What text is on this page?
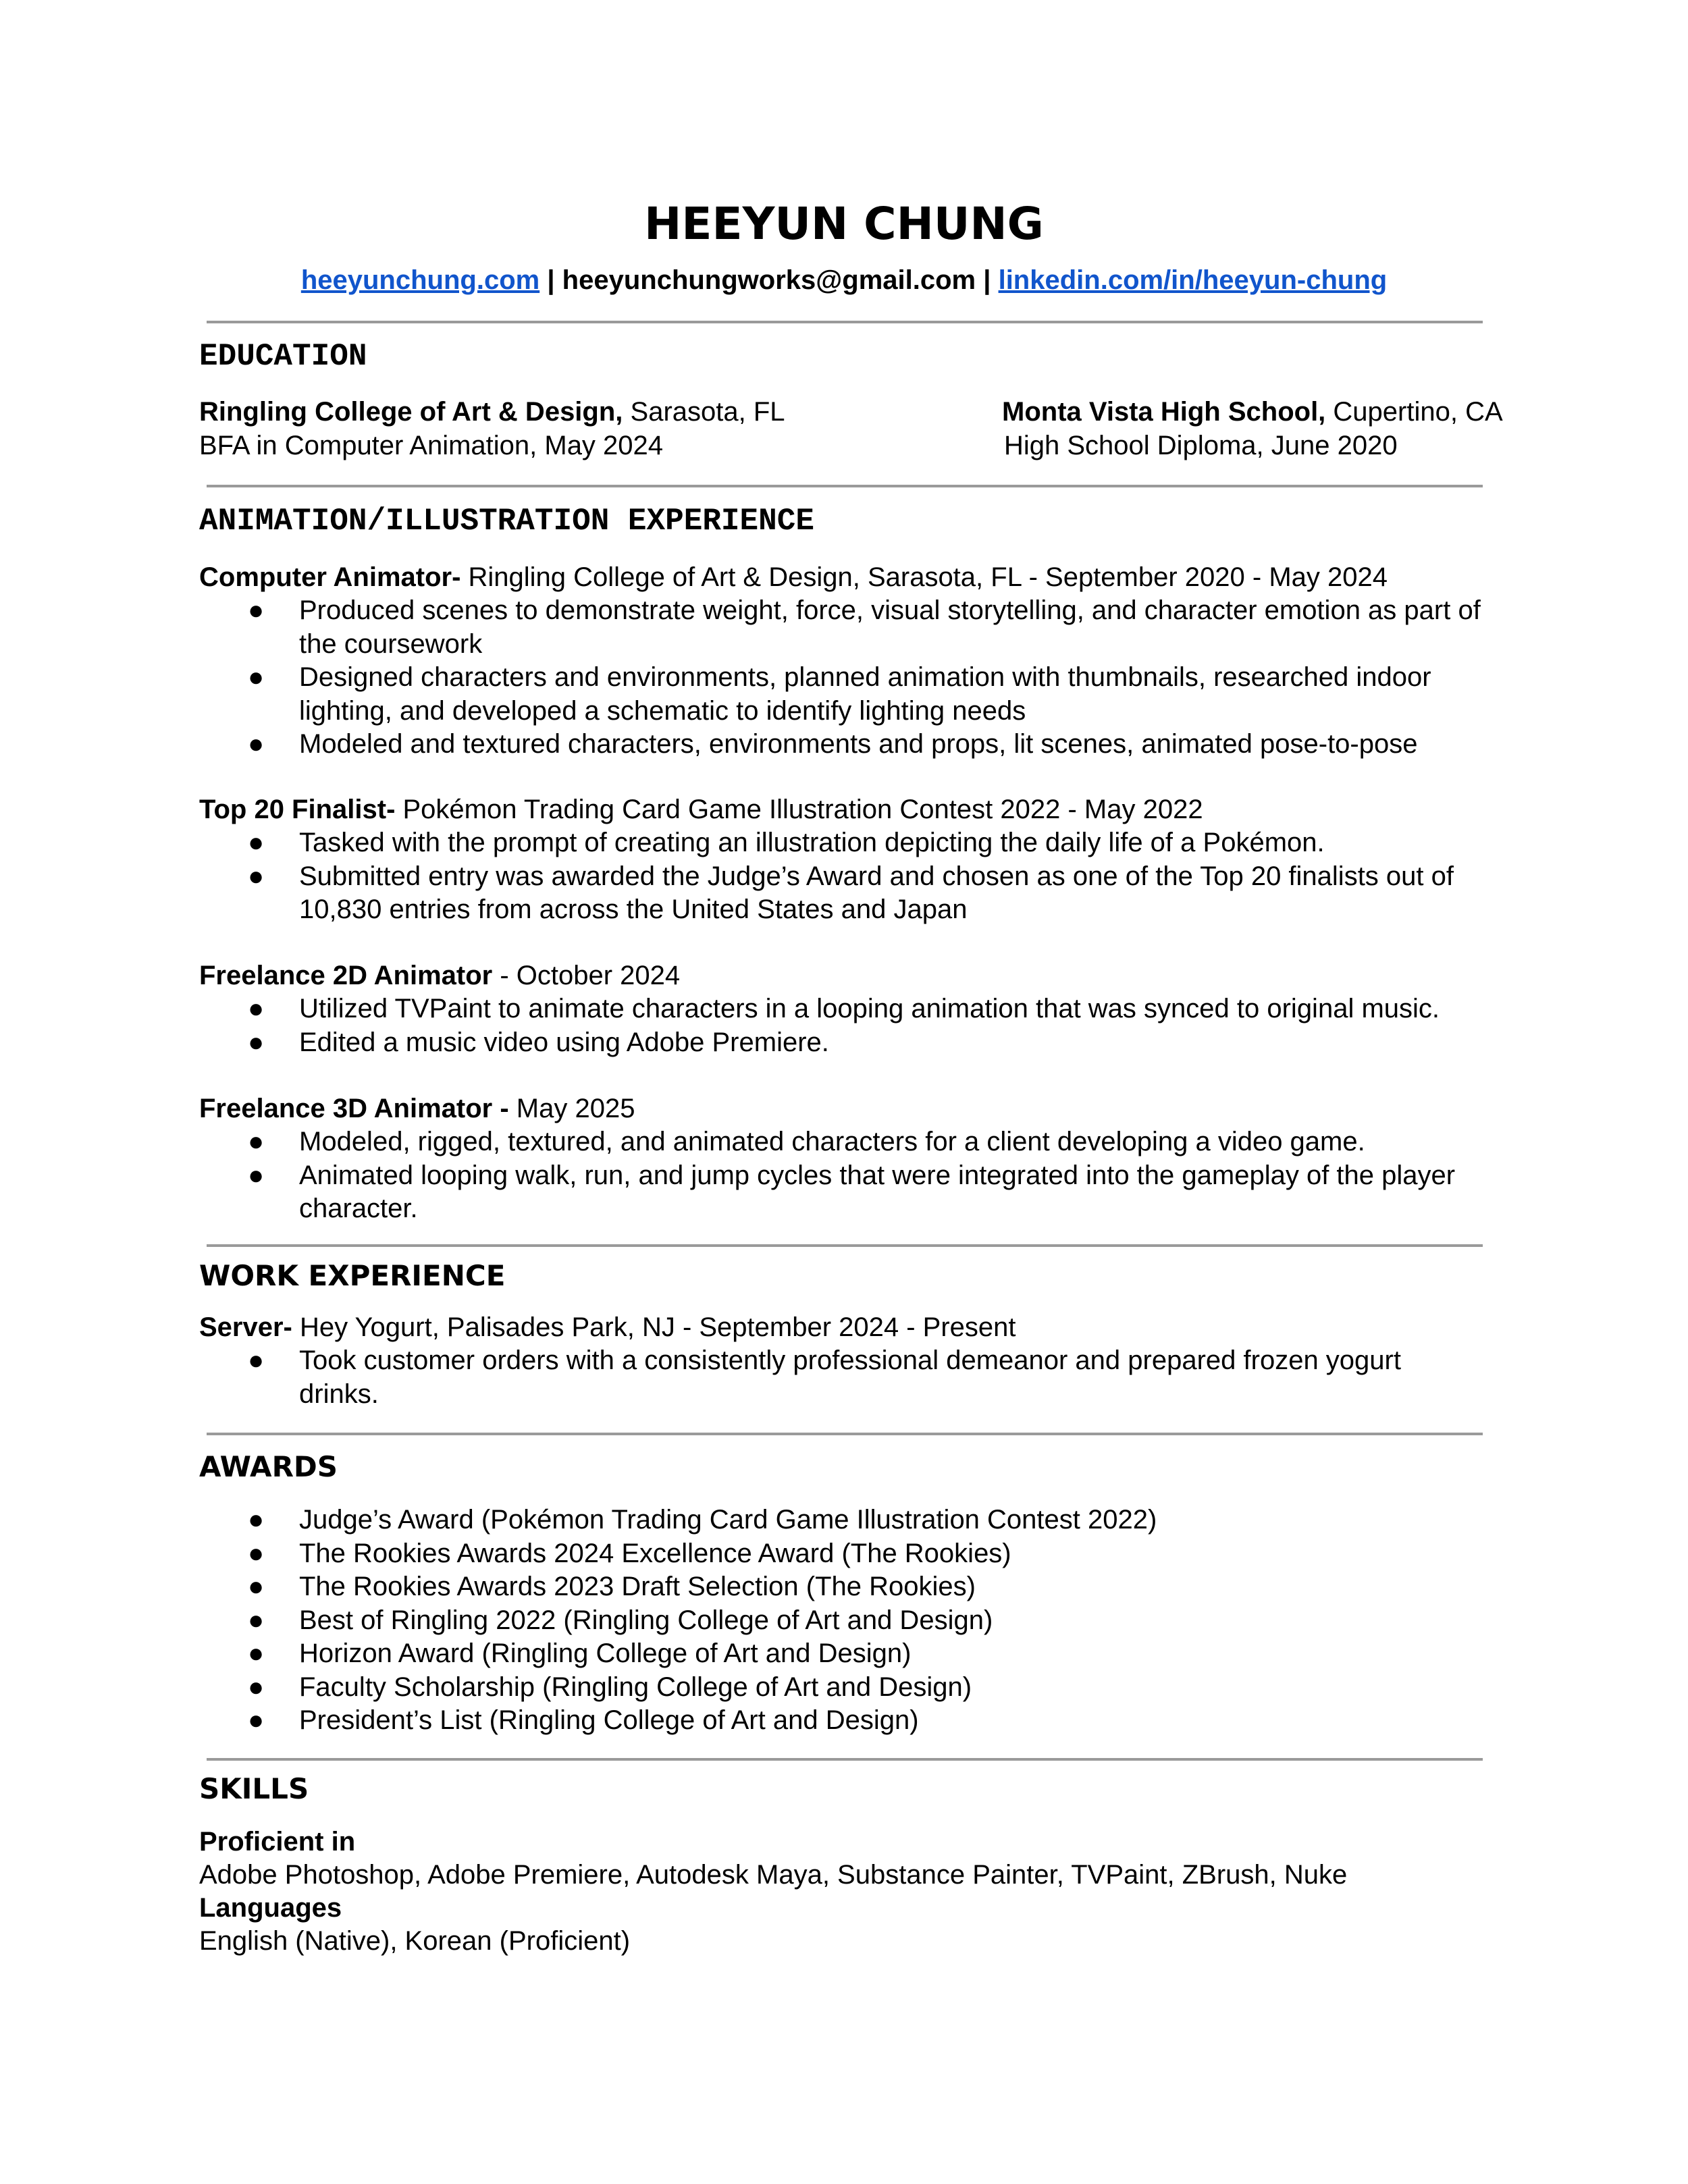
HEEYUN CHUNG
heeyunchung.com | heeyunchungworks@gmail.com | linkedin.com/in/heeyun-chung
EDUCATION
Ringling College of Art & Design, Sarasota, FL
BFA in Computer Animation, May 2024
Monta Vista High School, Cupertino, CA
High School Diploma, June 2020
ANIMATION/ILLUSTRATION EXPERIENCE
Computer Animator- Ringling College of Art & Design, Sarasota, FL - September 2020 - May 2024
● Produced scenes to demonstrate weight, force, visual storytelling, and character emotion as part of the coursework
● Designed characters and environments, planned animation with thumbnails, researched indoor lighting, and developed a schematic to identify lighting needs
● Modeled and textured characters, environments and props, lit scenes, animated pose-to-pose
Top 20 Finalist- Pokémon Trading Card Game Illustration Contest 2022 - May 2022
● Tasked with the prompt of creating an illustration depicting the daily life of a Pokémon.
● Submitted entry was awarded the Judge’s Award and chosen as one of the Top 20 finalists out of 10,830 entries from across the United States and Japan
Freelance 2D Animator - October 2024
● Utilized TVPaint to animate characters in a looping animation that was synced to original music.
● Edited a music video using Adobe Premiere.
Freelance 3D Animator - May 2025
● Modeled, rigged, textured, and animated characters for a client developing a video game.
● Animated looping walk, run, and jump cycles that were integrated into the gameplay of the player character.
WORK EXPERIENCE
Server- Hey Yogurt, Palisades Park, NJ - September 2024 - Present
● Took customer orders with a consistently professional demeanor and prepared frozen yogurt drinks.
AWARDS
● Judge’s Award (Pokémon Trading Card Game Illustration Contest 2022)
● The Rookies Awards 2024 Excellence Award (The Rookies)
● The Rookies Awards 2023 Draft Selection (The Rookies)
● Best of Ringling 2022 (Ringling College of Art and Design)
● Horizon Award (Ringling College of Art and Design)
● Faculty Scholarship (Ringling College of Art and Design)
● President’s List (Ringling College of Art and Design)
SKILLS
Proficient in
Adobe Photoshop, Adobe Premiere, Autodesk Maya, Substance Painter, TVPaint, ZBrush, Nuke
Languages
English (Native), Korean (Proficient)
